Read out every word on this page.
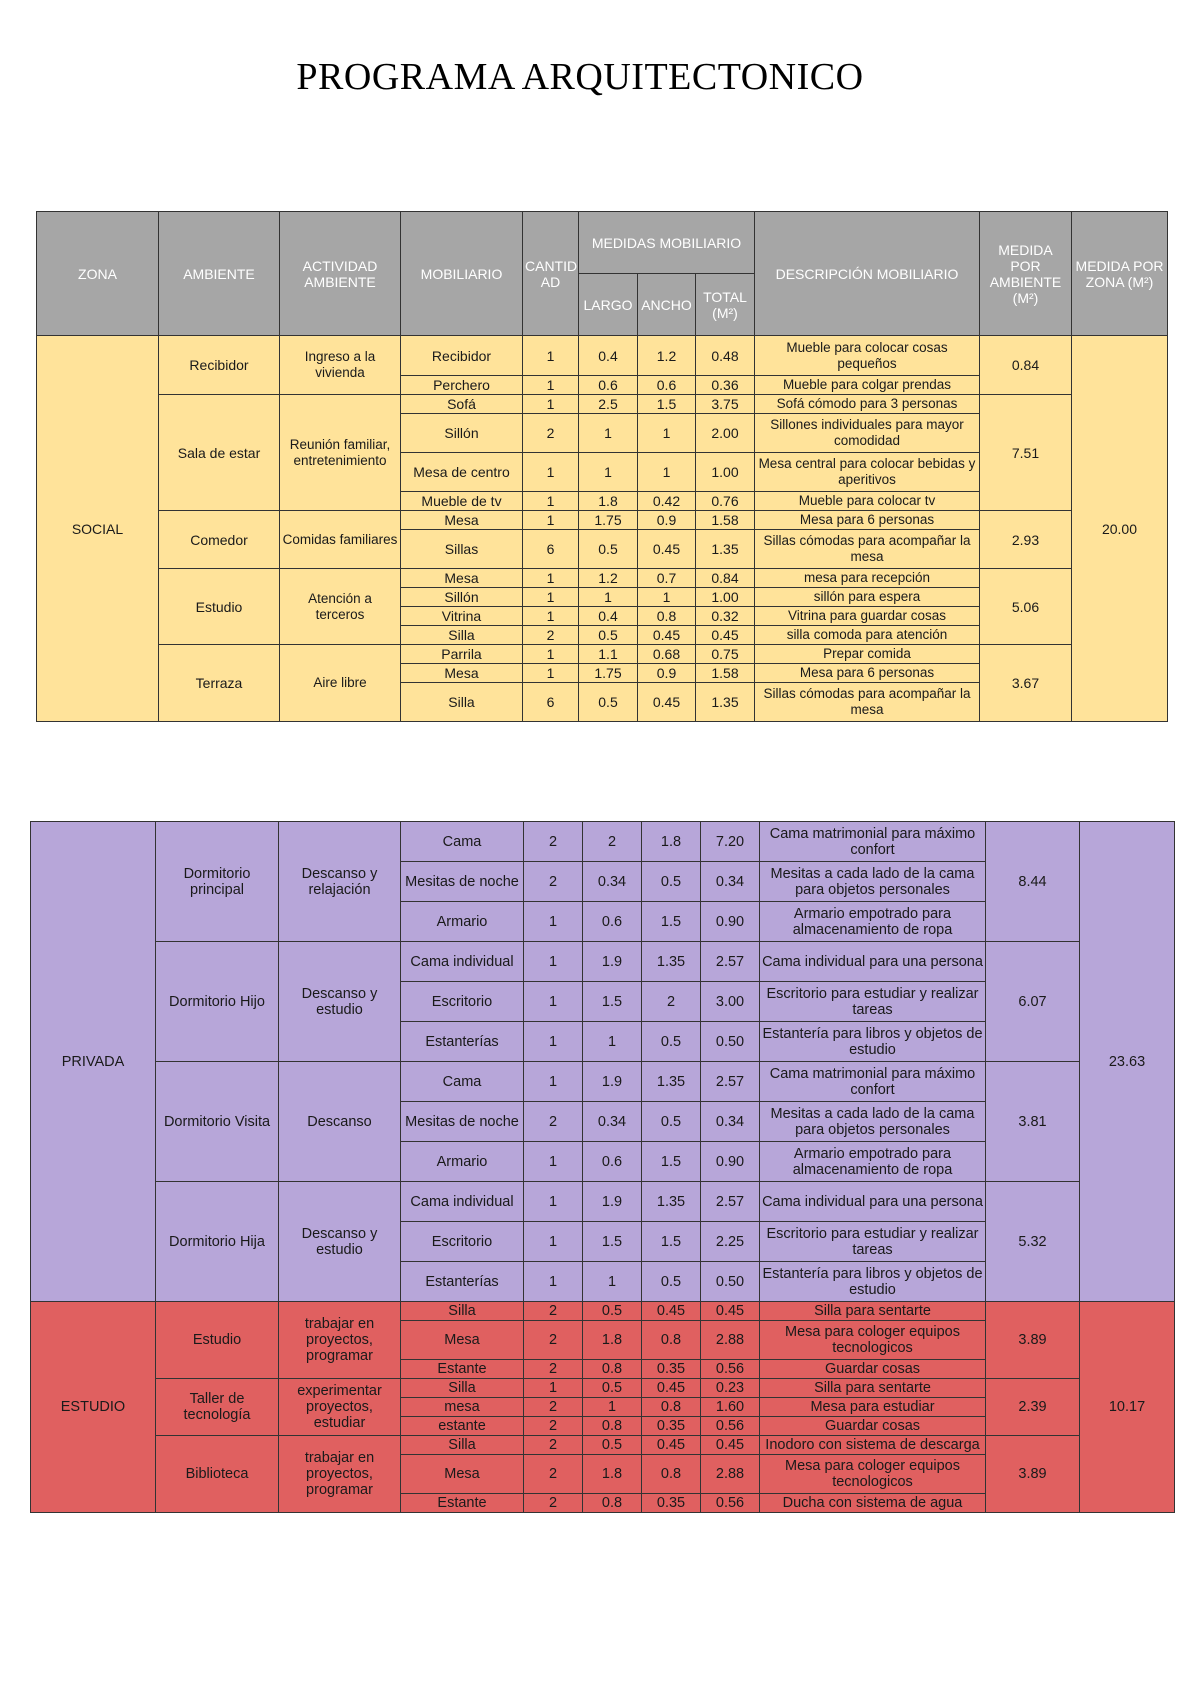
PROGRAMA ARQUITECTONICO
ZONA	AMBIENTE	ACTIVIDAD AMBIENTE	MOBILIARIO	CANTID AD	MEDIDAS MOBILIARIO			DESCRIPCIÓN MOBILIARIO	MEDIDA POR AMBIENTE (M²)	MEDIDA POR ZONA (M²)
					LARGO	ANCHO	TOTAL (M²)			
SOCIAL	Recibidor	Ingreso a la vivienda	Recibidor	1	0.4	1.2	0.48	Mueble para colocar cosas pequeños	0.84	20.00
			Perchero	1	0.6	0.6	0.36	Mueble para colgar prendas		
	Sala de estar	Reunión familiar, entretenimiento	Sofá	1	2.5	1.5	3.75	Sofá cómodo para 3 personas	7.51	
			Sillón	2	1	1	2.00	Sillones individuales para mayor comodidad		
			Mesa de centro	1	1	1	1.00	Mesa central para colocar bebidas y aperitivos		
			Mueble de tv	1	1.8	0.42	0.76	Mueble para colocar tv		
	Comedor	Comidas familiares	Mesa	1	1.75	0.9	1.58	Mesa para 6 personas	2.93	
			Sillas	6	0.5	0.45	1.35	Sillas cómodas para acompañar la mesa		
	Estudio	Atención a terceros	Mesa	1	1.2	0.7	0.84	mesa para recepción	5.06	
			Sillón	1	1	1	1.00	sillón para espera		
			Vitrina	1	0.4	0.8	0.32	Vitrina para guardar cosas		
			Silla	2	0.5	0.45	0.45	silla comoda para atención		
	Terraza	Aire libre	Parrila	1	1.1	0.68	0.75	Prepar comida	3.67	
			Mesa	1	1.75	0.9	1.58	Mesa para 6 personas		
			Silla	6	0.5	0.45	1.35	Sillas cómodas para acompañar la mesa		
PRIVADA	Dormitorio principal	Descanso y relajación	Cama	2	2	1.8	7.20	Cama matrimonial para máximo confort	8.44	23.63
			Mesitas de noche	2	0.34	0.5	0.34	Mesitas a cada lado de la cama para objetos personales		
			Armario	1	0.6	1.5	0.90	Armario empotrado para almacenamiento de ropa		
	Dormitorio Hijo	Descanso y estudio	Cama individual	1	1.9	1.35	2.57	Cama individual para una persona	6.07	
			Escritorio	1	1.5	2	3.00	Escritorio para estudiar y realizar tareas		
			Estanterías	1	1	0.5	0.50	Estantería para libros y objetos de estudio		
	Dormitorio Visita	Descanso	Cama	1	1.9	1.35	2.57	Cama matrimonial para máximo confort	3.81	
			Mesitas de noche	2	0.34	0.5	0.34	Mesitas a cada lado de la cama para objetos personales		
			Armario	1	0.6	1.5	0.90	Armario empotrado para almacenamiento de ropa		
	Dormitorio Hija	Descanso y estudio	Cama individual	1	1.9	1.35	2.57	Cama individual para una persona	5.32	
			Escritorio	1	1.5	1.5	2.25	Escritorio para estudiar y realizar tareas		
			Estanterías	1	1	0.5	0.50	Estantería para libros y objetos de estudio		
ESTUDIO	Estudio	trabajar en proyectos, programar	Silla	2	0.5	0.45	0.45	Silla para sentarte	3.89	10.17
			Mesa	2	1.8	0.8	2.88	Mesa para cologer equipos tecnologicos		
			Estante	2	0.8	0.35	0.56	Guardar cosas		
	Taller de tecnología	experimentar proyectos, estudiar	Silla	1	0.5	0.45	0.23	Silla para sentarte	2.39	
			mesa	2	1	0.8	1.60	Mesa para estudiar		
			estante	2	0.8	0.35	0.56	Guardar cosas		
	Biblioteca	trabajar en proyectos, programar	Silla	2	0.5	0.45	0.45	Inodoro con sistema de descarga	3.89	
			Mesa	2	1.8	0.8	2.88	Mesa para cologer equipos tecnologicos		
			Estante	2	0.8	0.35	0.56	Ducha con sistema de agua		
